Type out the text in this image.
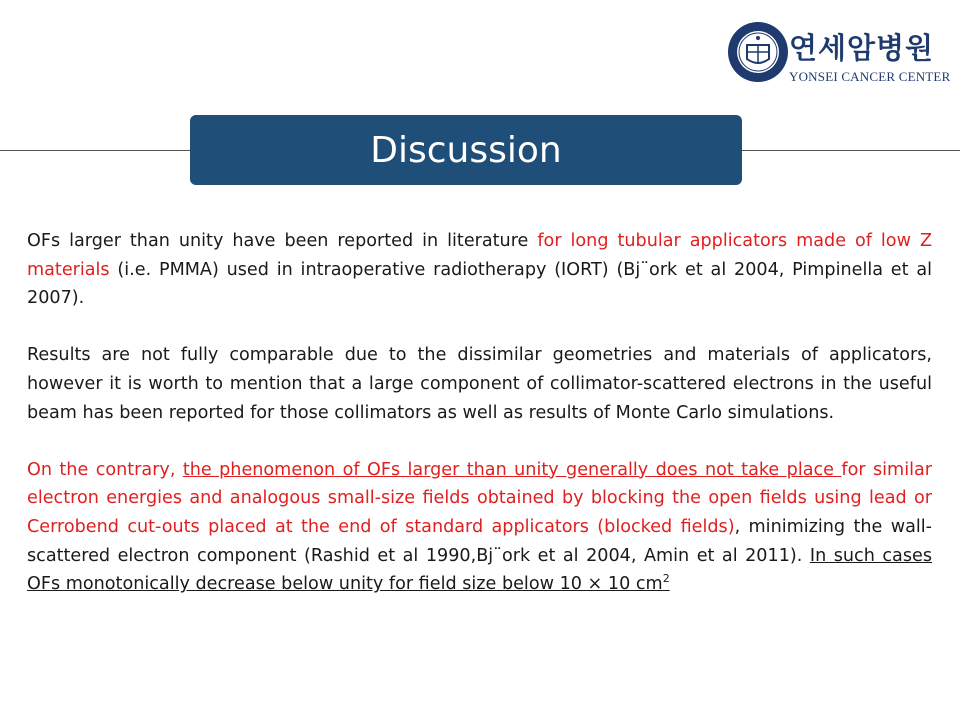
연세암병원
YONSEI CANCER CENTER
Discussion

OFs larger than unity have been reported in literature for long tubular applicators made of low Z materials (i.e. PMMA) used in intraoperative radiotherapy (IORT) (Bj¨ork et al 2004, Pimpinella et al 2007).

Results are not fully comparable due to the dissimilar geometries and materials of applicators, however it is worth to mention that a large component of collimator-scattered electrons in the useful beam has been reported for those collimators as well as results of Monte Carlo simulations.

On the contrary, the phenomenon of OFs larger than unity generally does not take place for similar electron energies and analogous small-size fields obtained by blocking the open fields using lead or Cerrobend cut-outs placed at the end of standard applicators (blocked fields), minimizing the wall-scattered electron component (Rashid et al 1990,Bj¨ork et al 2004, Amin et al 2011). In such cases OFs monotonically decrease below unity for field size below 10 × 10 $cm^2$
